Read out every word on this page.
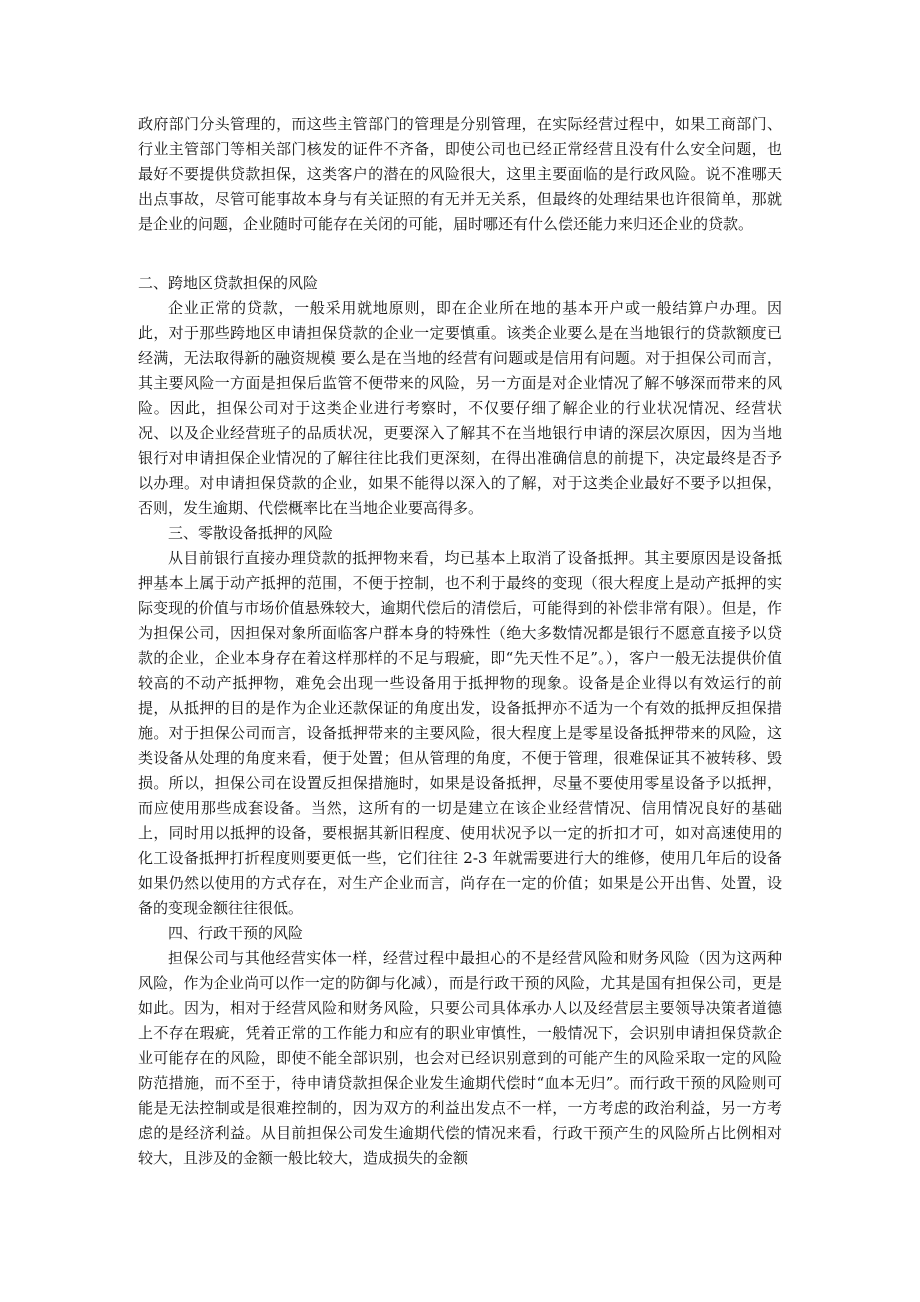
政府部门分头管理的，而这些主管部门的管理是分别管理，在实际经营过程中，如果工商部门、行业主管部门等相关部门核发的证件不齐备，即使公司也已经正常经营且没有什么安全问题，也最好不要提供贷款担保，这类客户的潜在的风险很大，这里主要面临的是行政风险。说不准哪天出点事故，尽管可能事故本身与有关证照的有无并无关系，但最终的处理结果也许很简单，那就是企业的问题，企业随时可能存在关闭的可能，届时哪还有什么偿还能力来归还企业的贷款。

二、跨地区贷款担保的风险

企业正常的贷款，一般采用就地原则，即在企业所在地的基本开户或一般结算户办理。因此，对于那些跨地区申请担保贷款的企业一定要慎重。该类企业要么是在当地银行的贷款额度已经满，无法取得新的融资规模 要么是在当地的经营有问题或是信用有问题。对于担保公司而言，其主要风险一方面是担保后监管不便带来的风险，另一方面是对企业情况了解不够深而带来的风险。因此，担保公司对于这类企业进行考察时，不仅要仔细了解企业的行业状况情况、经营状况、以及企业经营班子的品质状况，更要深入了解其不在当地银行申请的深层次原因，因为当地银行对申请担保企业情况的了解往往比我们更深刻，在得出准确信息的前提下，决定最终是否予以办理。对申请担保贷款的企业，如果不能得以深入的了解，对于这类企业最好不要予以担保，否则，发生逾期、代偿概率比在当地企业要高得多。

三、零散设备抵押的风险

从目前银行直接办理贷款的抵押物来看，均已基本上取消了设备抵押。其主要原因是设备抵押基本上属于动产抵押的范围，不便于控制，也不利于最终的变现（很大程度上是动产抵押的实际变现的价值与市场价值悬殊较大，逾期代偿后的清偿后，可能得到的补偿非常有限）。但是，作为担保公司，因担保对象所面临客户群本身的特殊性（绝大多数情况都是银行不愿意直接予以贷款的企业，企业本身存在着这样那样的不足与瑕疵，即“先天性不足”。），客户一般无法提供价值较高的不动产抵押物，难免会出现一些设备用于抵押物的现象。设备是企业得以有效运行的前提，从抵押的目的是作为企业还款保证的角度出发，设备抵押亦不适为一个有效的抵押反担保措施。对于担保公司而言，设备抵押带来的主要风险，很大程度上是零星设备抵押带来的风险，这类设备从处理的角度来看，便于处置；但从管理的角度，不便于管理，很难保证其不被转移、毁损。所以，担保公司在设置反担保措施时，如果是设备抵押，尽量不要使用零星设备予以抵押，而应使用那些成套设备。当然，这所有的一切是建立在该企业经营情况、信用情况良好的基础上，同时用以抵押的设备，要根据其新旧程度、使用状况予以一定的折扣才可，如对高速使用的化工设备抵押打折程度则要更低一些，它们往往 2-3 年就需要进行大的维修，使用几年后的设备如果仍然以使用的方式存在，对生产企业而言，尚存在一定的价值；如果是公开出售、处置，设备的变现金额往往很低。

四、行政干预的风险

担保公司与其他经营实体一样，经营过程中最担心的不是经营风险和财务风险（因为这两种风险，作为企业尚可以作一定的防御与化减），而是行政干预的风险，尤其是国有担保公司，更是如此。因为，相对于经营风险和财务风险，只要公司具体承办人以及经营层主要领导决策者道德上不存在瑕疵，凭着正常的工作能力和应有的职业审慎性，一般情况下，会识别申请担保贷款企业可能存在的风险，即使不能全部识别，也会对已经识别意到的可能产生的风险采取一定的风险防范措施，而不至于，待申请贷款担保企业发生逾期代偿时“血本无归”。而行政干预的风险则可能是无法控制或是很难控制的，因为双方的利益出发点不一样，一方考虑的政治利益，另一方考虑的是经济利益。从目前担保公司发生逾期代偿的情况来看，行政干预产生的风险所占比例相对较大，且涉及的金额一般比较大，造成损失的金额
